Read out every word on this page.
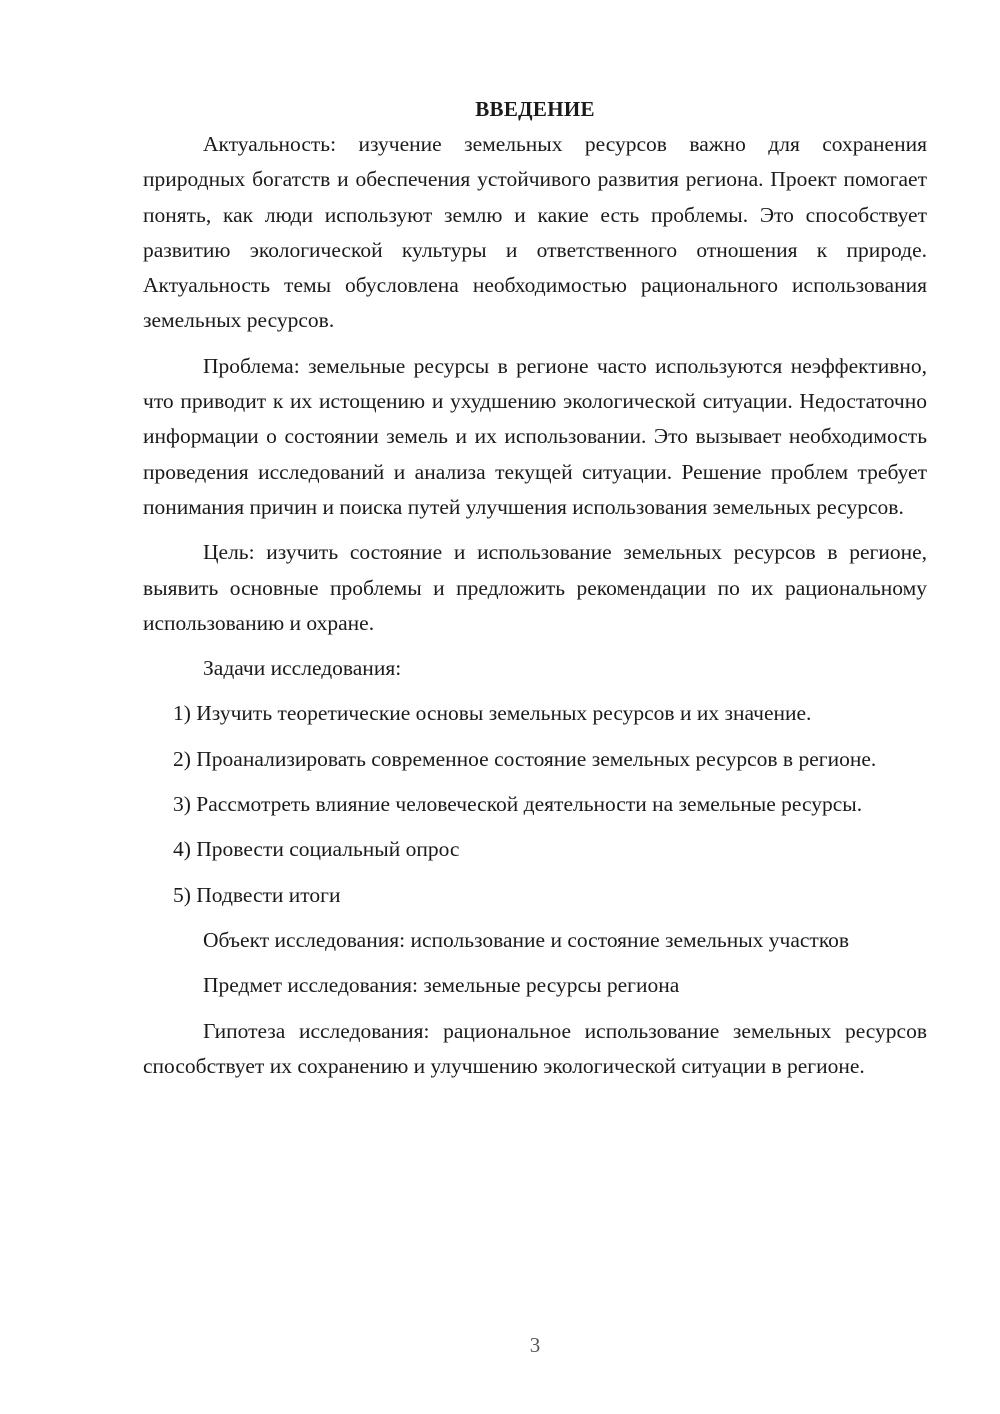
ВВЕДЕНИЕ

Актуальность: изучение земельных ресурсов важно для сохранения природных богатств и обеспечения устойчивого развития региона. Проект помогает понять, как люди используют землю и какие есть проблемы. Это способствует развитию экологической культуры и ответственного отношения к природе. Актуальность темы обусловлена необходимостью рационального использования земельных ресурсов.

Проблема: земельные ресурсы в регионе часто используются неэффективно, что приводит к их истощению и ухудшению экологической ситуации. Недостаточно информации о состоянии земель и их использовании. Это вызывает необходимость проведения исследований и анализа текущей ситуации. Решение проблем требует понимания причин и поиска путей улучшения использования земельных ресурсов.

Цель: изучить состояние и использование земельных ресурсов в регионе, выявить основные проблемы и предложить рекомендации по их рациональному использованию и охране.

Задачи исследования:

1) Изучить теоретические основы земельных ресурсов и их значение.

2) Проанализировать современное состояние земельных ресурсов в регионе.

3) Рассмотреть влияние человеческой деятельности на земельные ресурсы.

4) Провести социальный опрос

5) Подвести итоги

Объект исследования: использование и состояние земельных участков

Предмет исследования: земельные ресурсы региона

Гипотеза исследования: рациональное использование земельных ресурсов способствует их сохранению и улучшению экологической ситуации в регионе.

3
